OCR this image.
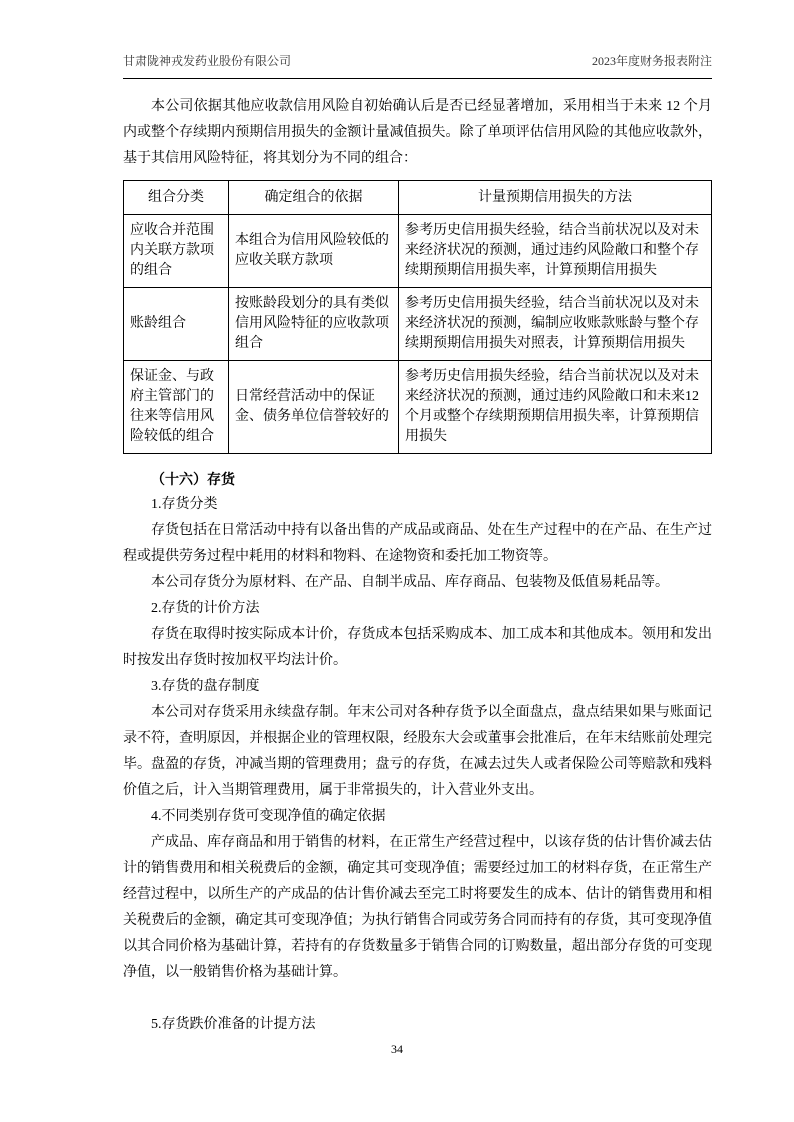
甘肃陇神戎发药业股份有限公司	2023年度财务报表附注

本公司依据其他应收款信用风险自初始确认后是否已经显著增加，采用相当于未来 12 个月内或整个存续期内预期信用损失的金额计量减值损失。除了单项评估信用风险的其他应收款外，基于其信用风险特征，将其划分为不同的组合：

组合分类	确定组合的依据	计量预期信用损失的方法
应收合并范围内关联方款项的组合	本组合为信用风险较低的应收关联方款项	参考历史信用损失经验，结合当前状况以及对未来经济状况的预测，通过违约风险敞口和整个存续期预期信用损失率，计算预期信用损失
账龄组合	按账龄段划分的具有类似信用风险特征的应收款项组合	参考历史信用损失经验，结合当前状况以及对未来经济状况的预测，编制应收账款账龄与整个存续期预期信用损失对照表，计算预期信用损失
保证金、与政府主管部门的往来等信用风险较低的组合	日常经营活动中的保证金、债务单位信誉较好的	参考历史信用损失经验，结合当前状况以及对未来经济状况的预测，通过违约风险敞口和未来12个月或整个存续期预期信用损失率，计算预期信用损失

（十六）存货

1.存货分类

存货包括在日常活动中持有以备出售的产成品或商品、处在生产过程中的在产品、在生产过程或提供劳务过程中耗用的材料和物料、在途物资和委托加工物资等。

本公司存货分为原材料、在产品、自制半成品、库存商品、包装物及低值易耗品等。

2.存货的计价方法

存货在取得时按实际成本计价，存货成本包括采购成本、加工成本和其他成本。领用和发出时按发出存货时按加权平均法计价。

3.存货的盘存制度

本公司对存货采用永续盘存制。年末公司对各种存货予以全面盘点，盘点结果如果与账面记录不符，查明原因，并根据企业的管理权限，经股东大会或董事会批准后，在年末结账前处理完毕。盘盈的存货，冲减当期的管理费用；盘亏的存货，在减去过失人或者保险公司等赔款和残料价值之后，计入当期管理费用，属于非常损失的，计入营业外支出。

4.不同类别存货可变现净值的确定依据

产成品、库存商品和用于销售的材料，在正常生产经营过程中，以该存货的估计售价减去估计的销售费用和相关税费后的金额，确定其可变现净值；需要经过加工的材料存货，在正常生产经营过程中，以所生产的产成品的估计售价减去至完工时将要发生的成本、估计的销售费用和相关税费后的金额，确定其可变现净值；为执行销售合同或劳务合同而持有的存货，其可变现净值以其合同价格为基础计算，若持有的存货数量多于销售合同的订购数量，超出部分存货的可变现净值，以一般销售价格为基础计算。

5.存货跌价准备的计提方法

34
